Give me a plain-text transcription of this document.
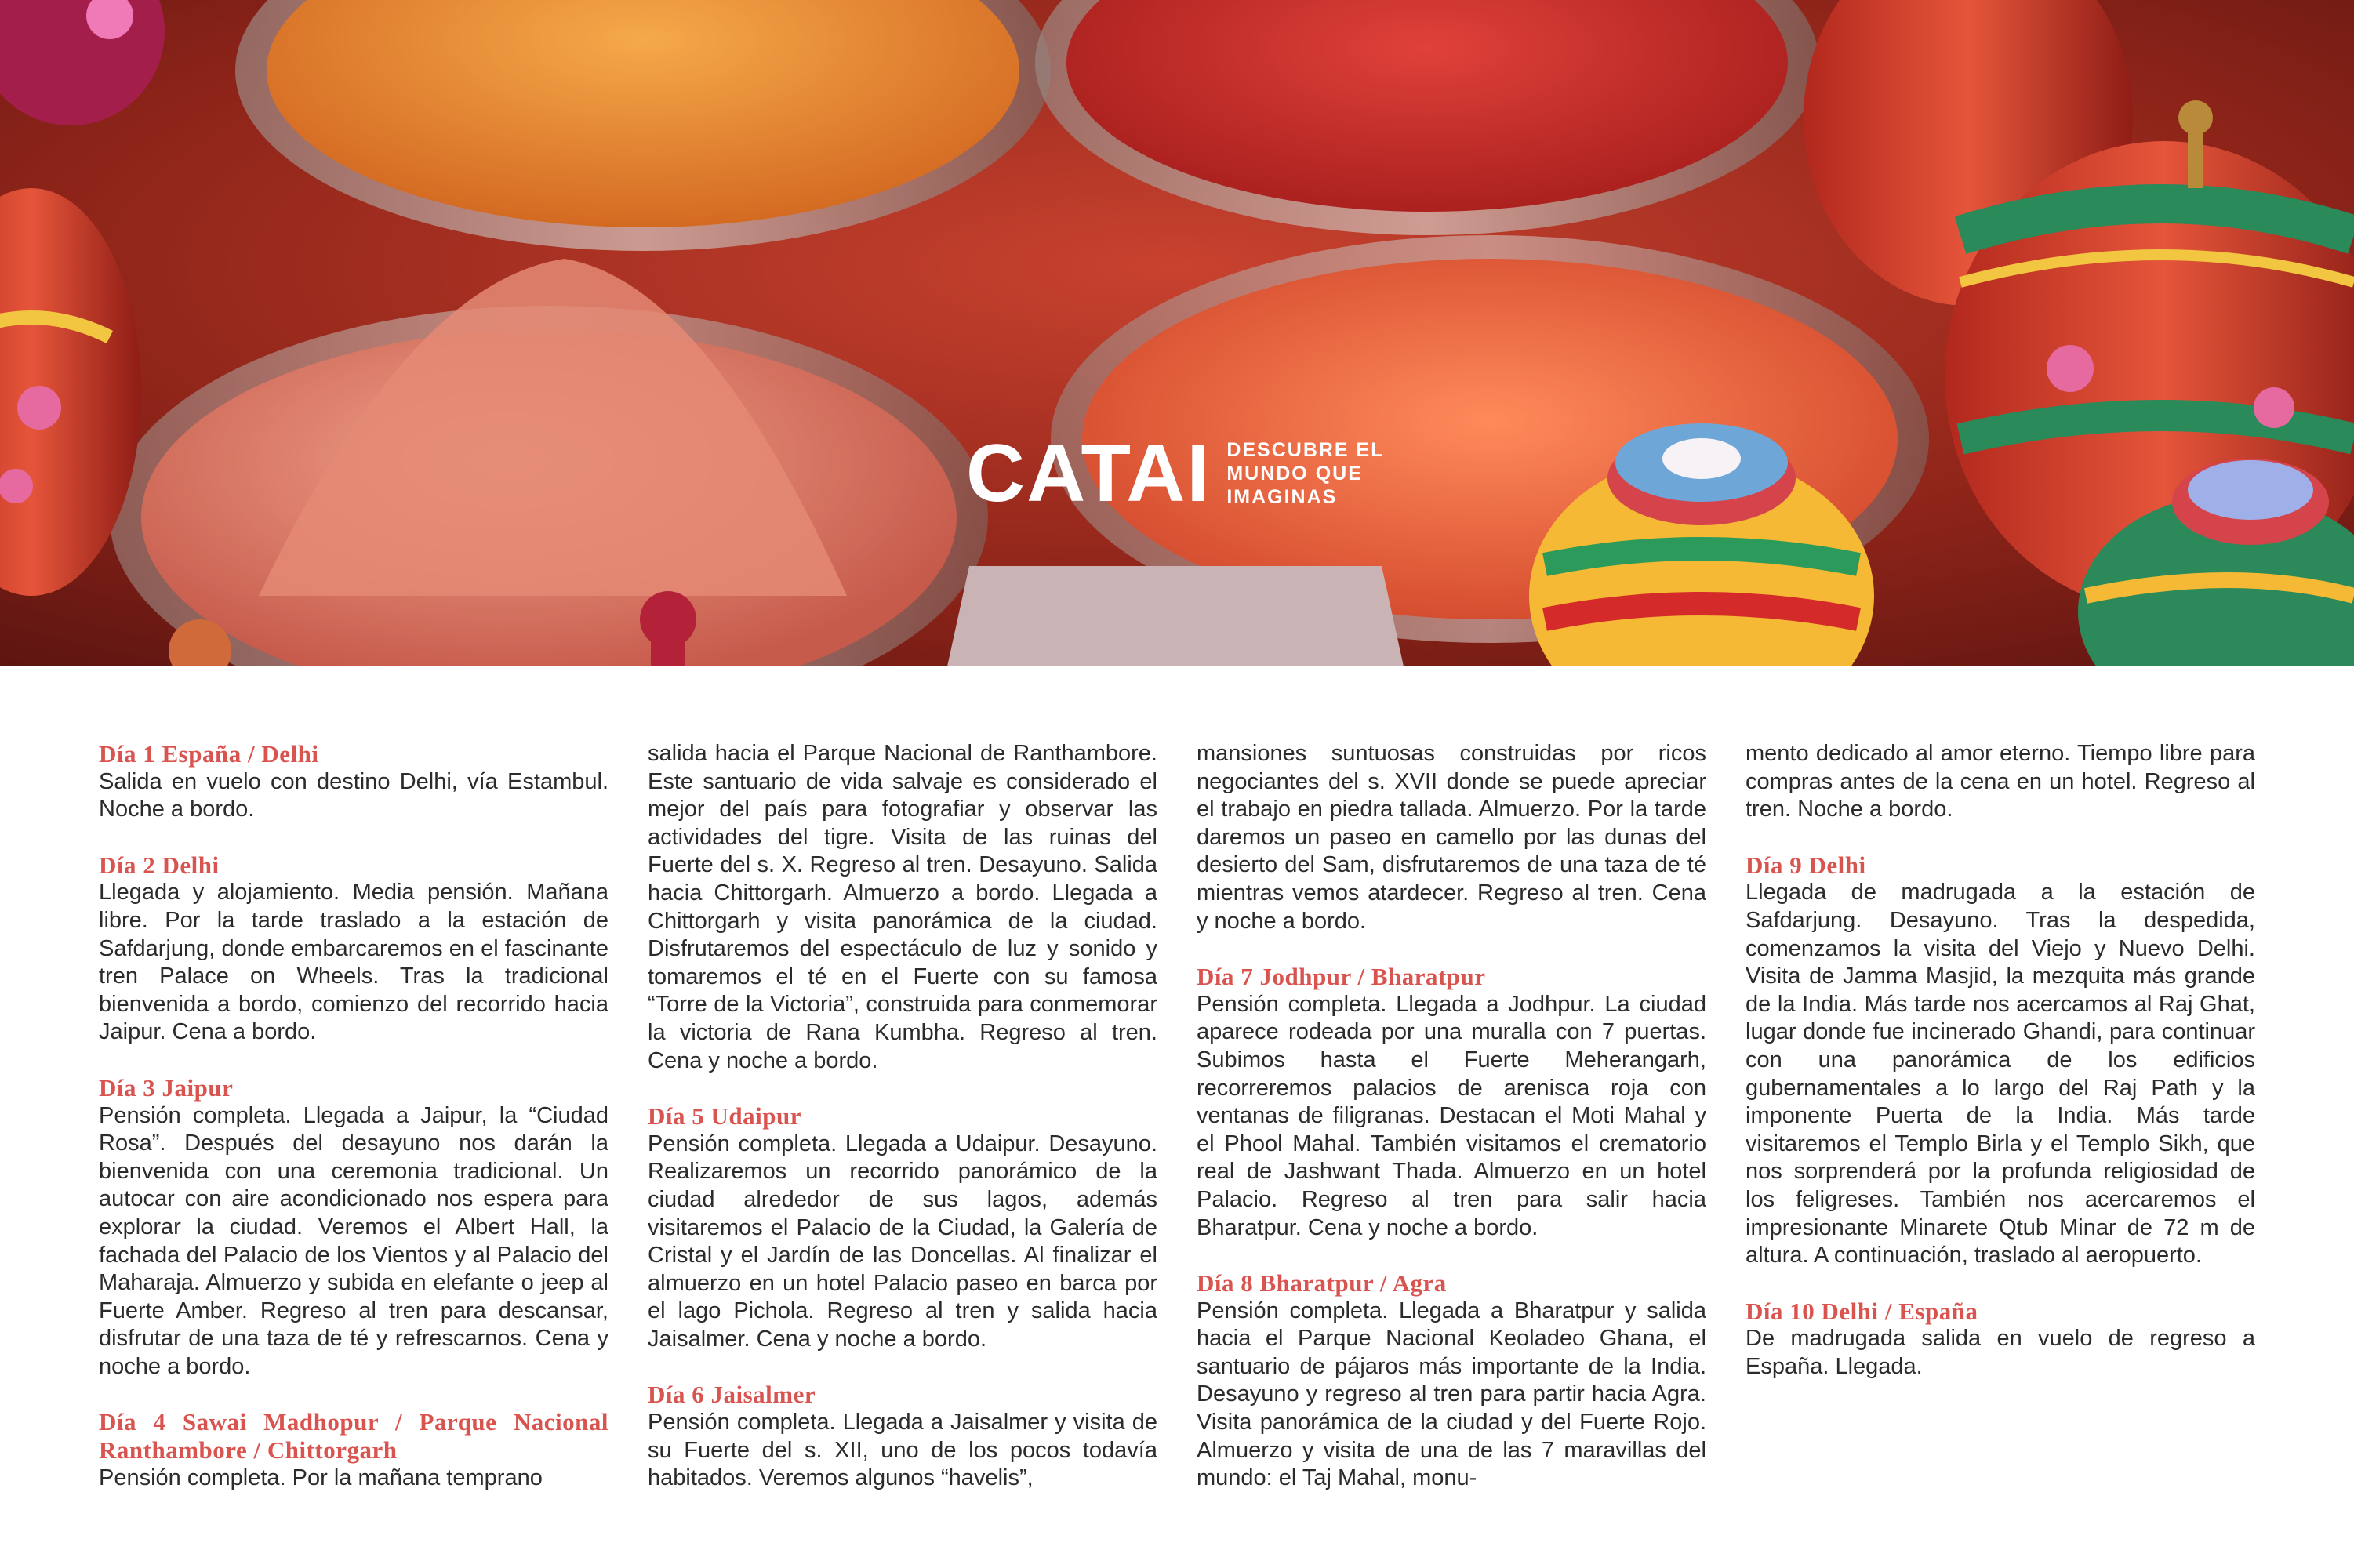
CATAI DESCUBRE EL
MUNDO QUE
IMAGINAS

Día 1 España / Delhi

Salida en vuelo con destino Delhi, vía Estambul. Noche a bordo.

Día 2 Delhi

Llegada y alojamiento. Media pensión. Mañana libre. Por la tarde traslado a la estación de Safdarjung, donde embarcaremos en el fascinante tren Palace on Wheels. Tras la tradicional bienvenida a bordo, comienzo del recorrido hacia Jaipur. Cena a bordo.

Día 3 Jaipur

Pensión completa. Llegada a Jaipur, la “Ciudad Rosa”. Después del desayuno nos darán la bienvenida con una ceremonia tradicional. Un autocar con aire acondicionado nos espera para explorar la ciudad. Veremos el Albert Hall, la fachada del Palacio de los Vientos y al Palacio del Maharaja. Almuerzo y subida en elefante o jeep al Fuerte Amber. Regreso al tren para descansar, disfrutar de una taza de té y refrescarnos. Cena y noche a bordo.

Día 4 Sawai Madhopur / Parque Nacional Ranthambore / Chittorgarh

Pensión completa. Por la mañana temprano

salida hacia el Parque Nacional de Ranthambore. Este santuario de vida salvaje es considerado el mejor del país para fotografiar y observar las actividades del tigre. Visita de las ruinas del Fuerte del s. X. Regreso al tren. Desayuno. Salida hacia Chittorgarh. Almuerzo a bordo. Llegada a Chittorgarh y visita panorámica de la ciudad. Disfrutaremos del espectáculo de luz y sonido y tomaremos el té en el Fuerte con su famosa “Torre de la Victoria”, construida para conmemorar la victoria de Rana Kumbha. Regreso al tren. Cena y noche a bordo.

Día 5 Udaipur

Pensión completa. Llegada a Udaipur. Desayuno. Realizaremos un recorrido panorámico de la ciudad alrededor de sus lagos, además visitaremos el Palacio de la Ciudad, la Galería de Cristal y el Jardín de las Doncellas. Al finalizar el almuerzo en un hotel Palacio paseo en barca por el lago Pichola. Regreso al tren y salida hacia Jaisalmer. Cena y noche a bordo.

Día 6 Jaisalmer

Pensión completa. Llegada a Jaisalmer y visita de su Fuerte del s. XII, uno de los pocos todavía habitados. Veremos algunos “havelis”,

mansiones suntuosas construidas por ricos negociantes del s. XVII donde se puede apreciar el trabajo en piedra tallada. Almuerzo. Por la tarde daremos un paseo en camello por las dunas del desierto del Sam, disfrutaremos de una taza de té mientras vemos atardecer. Regreso al tren. Cena y noche a bordo.

Día 7 Jodhpur / Bharatpur

Pensión completa. Llegada a Jodhpur. La ciudad aparece rodeada por una muralla con 7 puertas. Subimos hasta el Fuerte Meherangarh, recorreremos palacios de arenisca roja con ventanas de filigranas. Destacan el Moti Mahal y el Phool Mahal. También visitamos el crematorio real de Jashwant Thada. Almuerzo en un hotel Palacio. Regreso al tren para salir hacia Bharatpur. Cena y noche a bordo.

Día 8 Bharatpur / Agra

Pensión completa. Llegada a Bharatpur y salida hacia el Parque Nacional Keoladeo Ghana, el santuario de pájaros más importante de la India. Desayuno y regreso al tren para partir hacia Agra. Visita panorámica de la ciudad y del Fuerte Rojo. Almuerzo y visita de una de las 7 maravillas del mundo: el Taj Mahal, monu-

mento dedicado al amor eterno. Tiempo libre para compras antes de la cena en un hotel. Regreso al tren. Noche a bordo.

Día 9 Delhi

Llegada de madrugada a la estación de Safdarjung. Desayuno. Tras la despedida, comenzamos la visita del Viejo y Nuevo Delhi. Visita de Jamma Masjid, la mezquita más grande de la India. Más tarde nos acercamos al Raj Ghat, lugar donde fue incinerado Ghandi, para continuar con una panorámica de los edificios gubernamentales a lo largo del Raj Path y la imponente Puerta de la India. Más tarde visitaremos el Templo Birla y el Templo Sikh, que nos sorprenderá por la profunda religiosidad de los feligreses. También nos acercaremos el impresionante Minarete Qtub Minar de 72 m de altura. A continuación, traslado al aeropuerto.

Día 10 Delhi / España

De madrugada salida en vuelo de regreso a España. Llegada.
